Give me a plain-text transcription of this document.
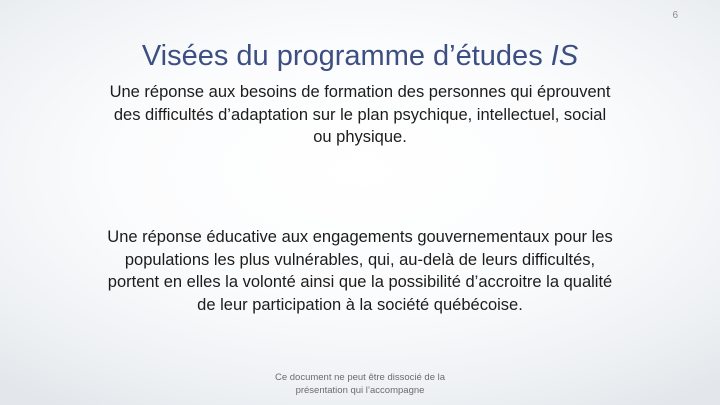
6
Visées du programme d’études IS
Une réponse aux besoins de formation des personnes qui éprouvent
des difficultés d’adaptation sur le plan psychique, intellectuel, social
ou physique.
Une réponse éducative aux engagements gouvernementaux pour les
populations les plus vulnérables, qui, au-delà de leurs difficultés,
portent en elles la volonté ainsi que la possibilité d’accroitre la qualité
de leur participation à la société québécoise.
Ce document ne peut être dissocié de la
présentation qui l’accompagne
